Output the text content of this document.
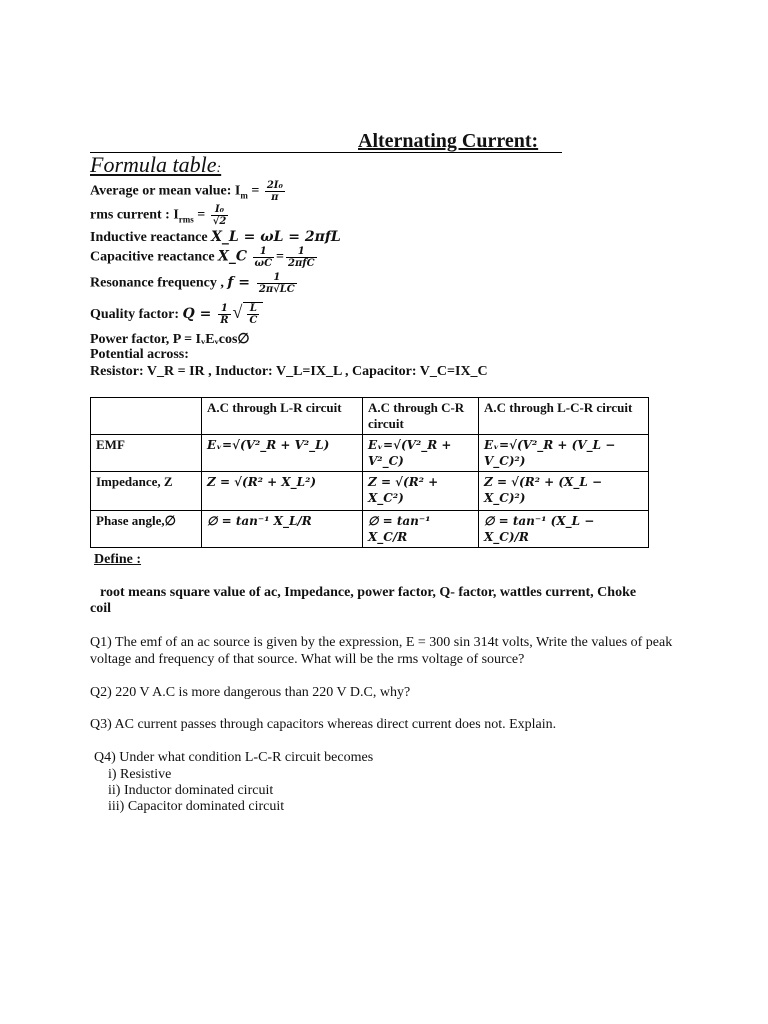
Alternating Current:
Formula table:
Average or mean value: $I_m = \frac{\text{2I₀}}{\pi}$
rms current : $I_{rms} = \frac{\text{I₀}}{√2}$
Inductive reactance X_L = ωL = 2πfL
Capacitive reactance X_C $\frac{1}{\omega C} = \frac{1}{\text{2πfC}}$
Resonance frequency , $f = \frac{1}{2\pi√LC}$
Quality factor: $Q = \frac{1}{R}$ √ $\frac{L}{C}$
Power factor, P = IᵥEᵥcos∅
Potential across:
Resistor: V_R = IR , Inductor: V_L=IX_L , Capacitor: V_C=IX_C
	A.C through L-R circuit	A.C through C-R circuit	A.C through L-C-R circuit
EMF	Eᵥ=√(V²_R + V²_L)	Eᵥ=√(V²_R + V²_C)	Eᵥ=√(V²_R + (V_L − V_C)²)
Impedance, Z	Z = √(R² + X_L²)	Z = √(R² + X_C²)	Z = √(R² + (X_L − X_C)²)
Phase angle,∅	∅ = tan⁻¹ X_L/R	∅ = tan⁻¹ X_C/R	∅ = tan⁻¹ (X_L − X_C)/R
Define :
root means square value of ac, Impedance, power factor, Q- factor, wattles current, Choke coil
Q1) The emf of an ac source is given by the expression, E = 300 sin 314t volts, Write the values of peak voltage and frequency of that source. What will be the rms voltage of source?
Q2) 220 V A.C is more dangerous than 220 V D.C, why?
Q3) AC current passes through capacitors whereas direct current does not. Explain.
Q4) Under what condition L-C-R circuit becomes
i) Resistive
ii) Inductor dominated circuit
iii) Capacitor dominated circuit
